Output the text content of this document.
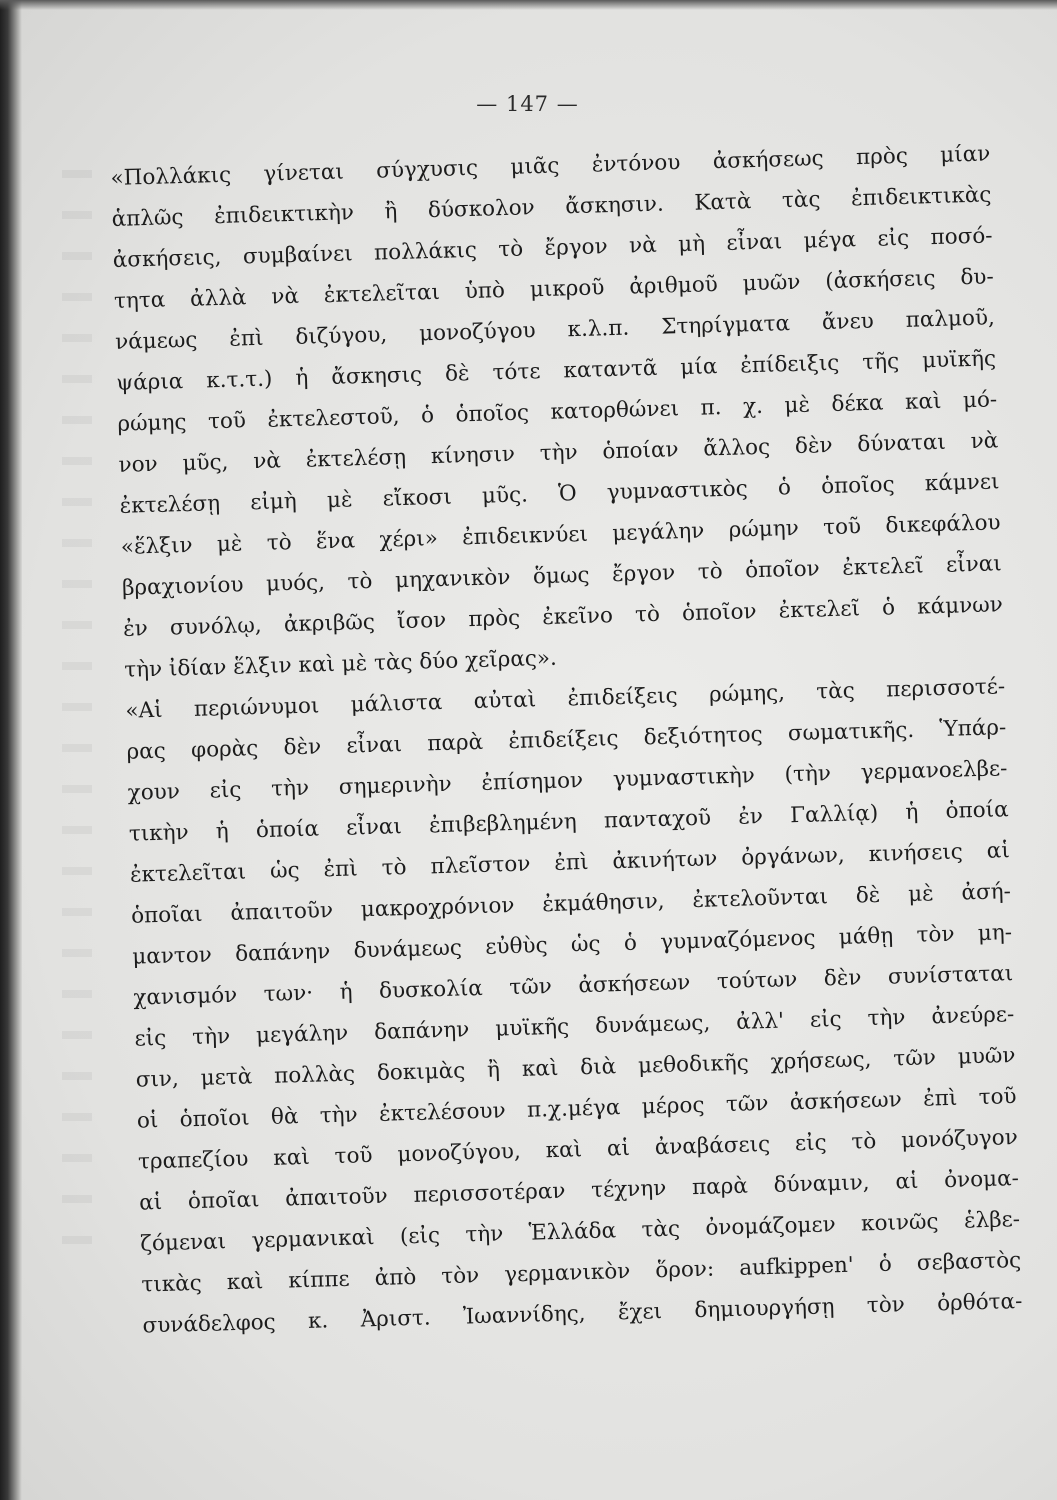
— 147 —
«Πολλάκις γίνεται σύγχυσις μιᾶς ἐντόνου ἀσκήσεως πρὸς μίαν
ἁπλῶς ἐπιδεικτικὴν ἢ δύσκολον ἄσκησιν. Κατὰ τὰς ἐπιδεικτικὰς
ἀσκήσεις, συμβαίνει πολλάκις τὸ ἔργον νὰ μὴ εἶναι μέγα εἰς ποσό-
τητα ἀλλὰ νὰ ἐκτελεῖται ὑπὸ μικροῦ ἀριθμοῦ μυῶν (ἀσκήσεις δυ-
νάμεως ἐπὶ διζύγου, μονοζύγου κ.λ.π. Στηρίγματα ἄνευ παλμοῦ,
ψάρια κ.τ.τ.) ἡ ἄσκησις δὲ τότε καταντᾶ μία ἐπίδειξις τῆς μυϊκῆς
ρώμης τοῦ ἐκτελεστοῦ, ὁ ὁποῖος κατορθώνει π. χ. μὲ δέκα καὶ μό-
νον μῦς, νὰ ἐκτελέσῃ κίνησιν τὴν ὁποίαν ἄλλος δὲν δύναται νὰ
ἐκτελέσῃ εἰμὴ μὲ εἴκοσι μῦς. Ὁ γυμναστικὸς ὁ ὁποῖος κάμνει
«ἕλξιν μὲ τὸ ἕνα χέρι» ἐπιδεικνύει μεγάλην ρώμην τοῦ δικεφάλου
βραχιονίου μυός, τὸ μηχανικὸν ὅμως ἔργον τὸ ὁποῖον ἐκτελεῖ εἶναι
ἐν συνόλῳ, ἀκριβῶς ἴσον πρὸς ἐκεῖνο τὸ ὁποῖον ἐκτελεῖ ὁ κάμνων
τὴν ἰδίαν ἕλξιν καὶ μὲ τὰς δύο χεῖρας».
«Αἱ περιώνυμοι μάλιστα αὐταὶ ἐπιδείξεις ρώμης, τὰς περισσοτέ-
ρας φορὰς δὲν εἶναι παρὰ ἐπιδείξεις δεξιότητος σωματικῆς. Ὑπάρ-
χουν εἰς τὴν σημερινὴν ἐπίσημον γυμναστικὴν (τὴν γερμανοελβε-
τικὴν ἡ ὁποία εἶναι ἐπιβεβλημένη πανταχοῦ ἐν Γαλλίᾳ) ἡ ὁποία
ἐκτελεῖται ὡς ἐπὶ τὸ πλεῖστον ἐπὶ ἀκινήτων ὀργάνων, κινήσεις αἱ
ὁποῖαι ἀπαιτοῦν μακροχρόνιον ἐκμάθησιν, ἐκτελοῦνται δὲ μὲ ἀσή-
μαντον δαπάνην δυνάμεως εὐθὺς ὡς ὁ γυμναζόμενος μάθῃ τὸν μη-
χανισμόν των· ἡ δυσκολία τῶν ἀσκήσεων τούτων δὲν συνίσταται
εἰς τὴν μεγάλην δαπάνην μυϊκῆς δυνάμεως, ἀλλ' εἰς τὴν ἀνεύρε-
σιν, μετὰ πολλὰς δοκιμὰς ἢ καὶ διὰ μεθοδικῆς χρήσεως, τῶν μυῶν
οἱ ὁποῖοι θὰ τὴν ἐκτελέσουν π.χ.μέγα μέρος τῶν ἀσκήσεων ἐπὶ τοῦ
τραπεζίου καὶ τοῦ μονοζύγου, καὶ αἱ ἀναβάσεις εἰς τὸ μονόζυγον
αἱ ὁποῖαι ἀπαιτοῦν περισσοτέραν τέχνην παρὰ δύναμιν, αἱ ὀνομα-
ζόμεναι γερμανικαὶ (εἰς τὴν Ἑλλάδα τὰς ὀνομάζομεν κοινῶς ἑλβε-
τικὰς καὶ κίππε ἀπὸ τὸν γερμανικὸν ὅρον: aufkippen' ὁ σεβαστὸς
συνάδελφος κ. Ἀριστ. Ἰωαννίδης, ἔχει δημιουργήσῃ τὸν ὀρθότα-
